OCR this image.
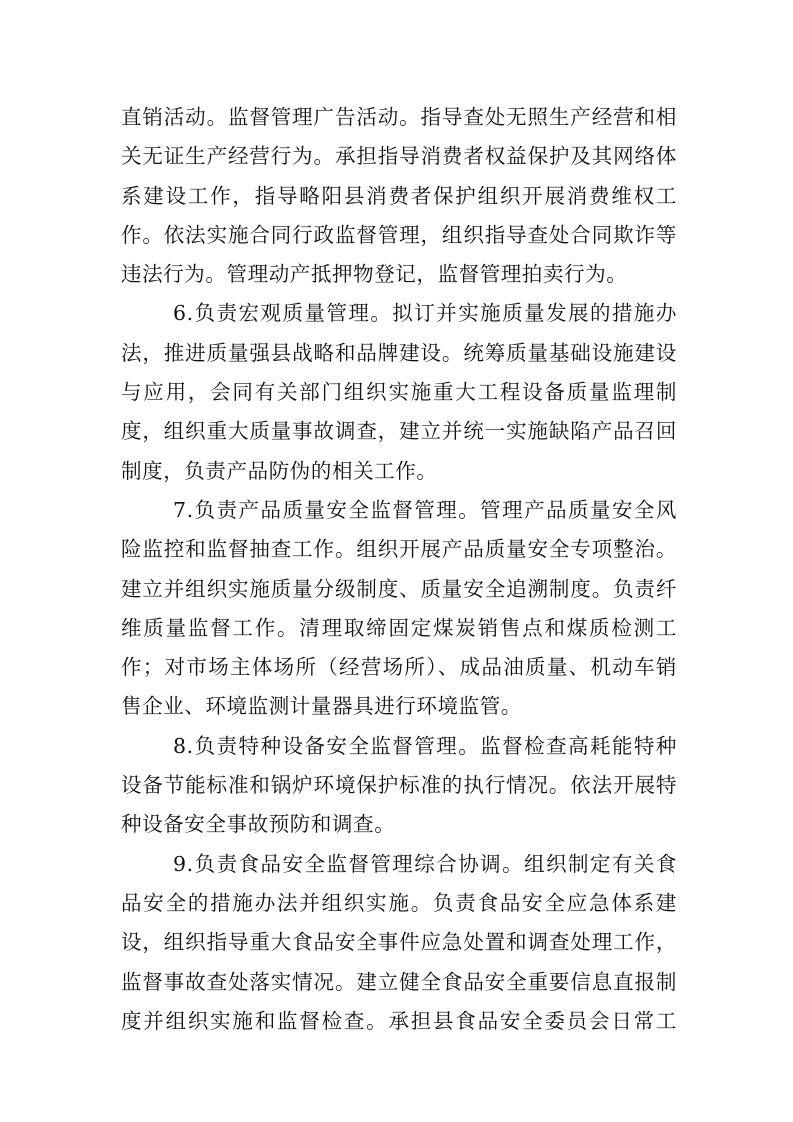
直销活动。监督管理广告活动。指导查处无照生产经营和相
关无证生产经营行为。承担指导消费者权益保护及其网络体
系建设工作，指导略阳县消费者保护组织开展消费维权工
作。依法实施合同行政监督管理，组织指导查处合同欺诈等
违法行为。管理动产抵押物登记，监督管理拍卖行为。
6.负责宏观质量管理。拟订并实施质量发展的措施办
法，推进质量强县战略和品牌建设。统筹质量基础设施建设
与应用，会同有关部门组织实施重大工程设备质量监理制
度，组织重大质量事故调查，建立并统一实施缺陷产品召回
制度，负责产品防伪的相关工作。
7.负责产品质量安全监督管理。管理产品质量安全风
险监控和监督抽查工作。组织开展产品质量安全专项整治。
建立并组织实施质量分级制度、质量安全追溯制度。负责纤
维质量监督工作。清理取缔固定煤炭销售点和煤质检测工
作；对市场主体场所（经营场所）、成品油质量、机动车销
售企业、环境监测计量器具进行环境监管。
8.负责特种设备安全监督管理。监督检查高耗能特种
设备节能标准和锅炉环境保护标准的执行情况。依法开展特
种设备安全事故预防和调查。
9.负责食品安全监督管理综合协调。组织制定有关食
品安全的措施办法并组织实施。负责食品安全应急体系建
设，组织指导重大食品安全事件应急处置和调查处理工作，
监督事故查处落实情况。建立健全食品安全重要信息直报制
度并组织实施和监督检查。承担县食品安全委员会日常工
